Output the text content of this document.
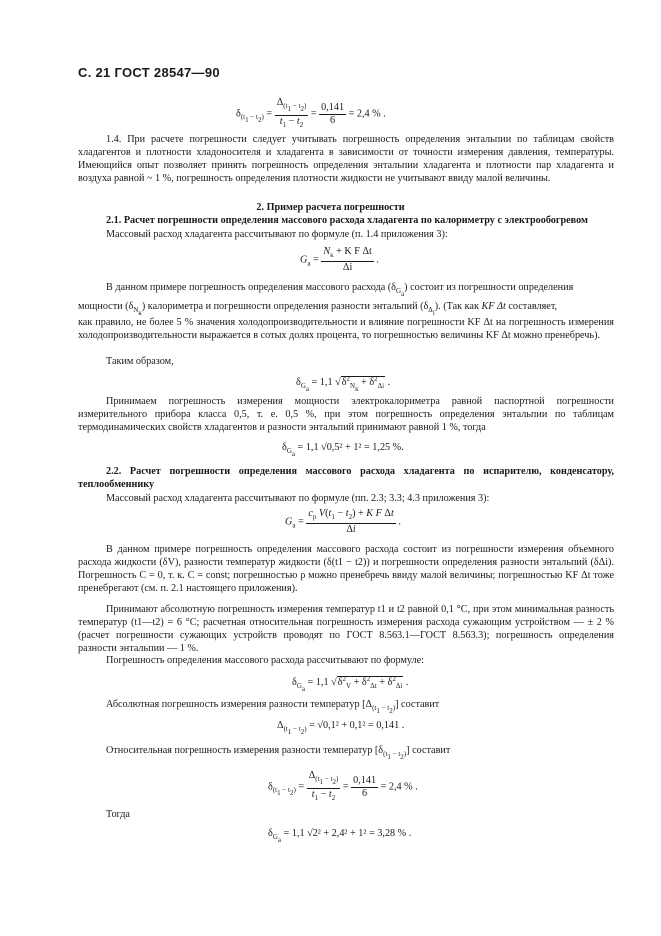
С. 21 ГОСТ 28547—90
$\delta_{(t_1 - t_2)} = \frac{\Delta_{(t_1 - t_2)}}{t_1 - t_2} = \frac{0,141}{6} = 2,4$ % .
1.4. При расчете погрешности следует учитывать погрешность определения энтальпии по таблицам свойств хладагентов и плотности хладоносителя и хладагента в зависимости от точности измерения давления, температуры. Имеющийся опыт позволяет принять погрешность определения энтальпии хладагента и плотности пар хладагента и воздуха равной ~ 1 %, погрешность определения плотности жидкости не учитывают ввиду малой величины.
2. Пример расчета погрешности
2.1. Расчет погрешности определения массового расхода хладагента по калориметру с электрообогревом
Массовый расход хладагента рассчитывают по формуле (п. 1.4 приложения 3):
$G_a = \frac{N_к + K F \Delta t}{\Delta i}$ .
В данном примере погрешность определения массового расхода $(\delta_{G_a})$ состоит из погрешности определения
мощности $(\delta_{N_к})$ калориметра и погрешности определения разности энтальпий $(\delta_{\Delta_i})$. (Так как KF Δt составляет,
как правило, не более 5 % значения холодопроизводительности и влияние погрешности KF Δt на погрешность измерения холодопроизводительности выражается в сотых долях процента, то погрешностью величины KF Δt можно пренебречь).
Таким образом,
$\delta_{G_a} = 1,1$ $√\delta^2_{N_к} + \delta^2_{\Delta i}$ .
Принимаем погрешность измерения мощности электрокалориметра равной паспортной погрешности измерительного прибора класса 0,5, т. е. 0,5 %, при этом погрешность определения энтальпии по таблицам термодинамических свойств хладагентов и разности энтальпий принимают равной 1 %, тогда
$\delta_{G_a} = 1,1$ √0,5² + 1² = 1,25 %.
2.2. Расчет погрешности определения массового расхода хладагента по испарителю, конденсатору, теплообменнику
Массовый расход хладагента рассчитывают по формуле (пп. 2.3; 3.3; 4.3 приложения 3):
$G_a = \frac{c_p V(t_1 - t_2) + K F \Delta t}{\Delta i}$ .
В данном примере погрешность определения массового расхода состоит из погрешности измерения объемного расхода жидкости (δV), разности температур жидкости (δ(t1 − t2)) и погрешности определения разности энтальпий (δΔi). Погрешность C = 0, т. к. C = const; погрешностью ρ можно пренебречь ввиду малой величины; погрешностью KF Δt тоже пренебрегают (см. п. 2.1 настоящего приложения).
Принимают абсолютную погрешность измерения температур t1 и t2 равной 0,1 °С, при этом минимальная разность температур (t1—t2) = 6 °С; расчетная относительная погрешность измерения расхода сужающим устройством — ± 2 % (расчет погрешности сужающих устройств проводят по ГОСТ 8.563.1—ГОСТ 8.563.3); погрешность определения разности энтальпии — 1 %.
Погрешность определения массового расхода рассчитывают по формуле:
$\delta_{G_a} = 1,1$ $√\delta^2_V + \delta^2_{\Delta t} + \delta^2_{\Delta i}$ .
Абсолютная погрешность измерения разности температур $[\Delta_{(t_1 - t_2)}]$ составит
$\Delta_{(t_1 - t_2)} = √0,1^2 + 0,1^2 = 0,141$ .
Относительная погрешность измерения разности температур $[\delta_{(t_1 - t_2)}]$ составит
$\delta_{(t_1 - t_2)} = \frac{\Delta_{(t_1 - t_2)}}{t_1 - t_2} = \frac{0,141}{6} = 2,4$ % .
Тогда
$\delta_{G_a} = 1,1$ √2² + 2,4² + 1² = 3,28 % .
